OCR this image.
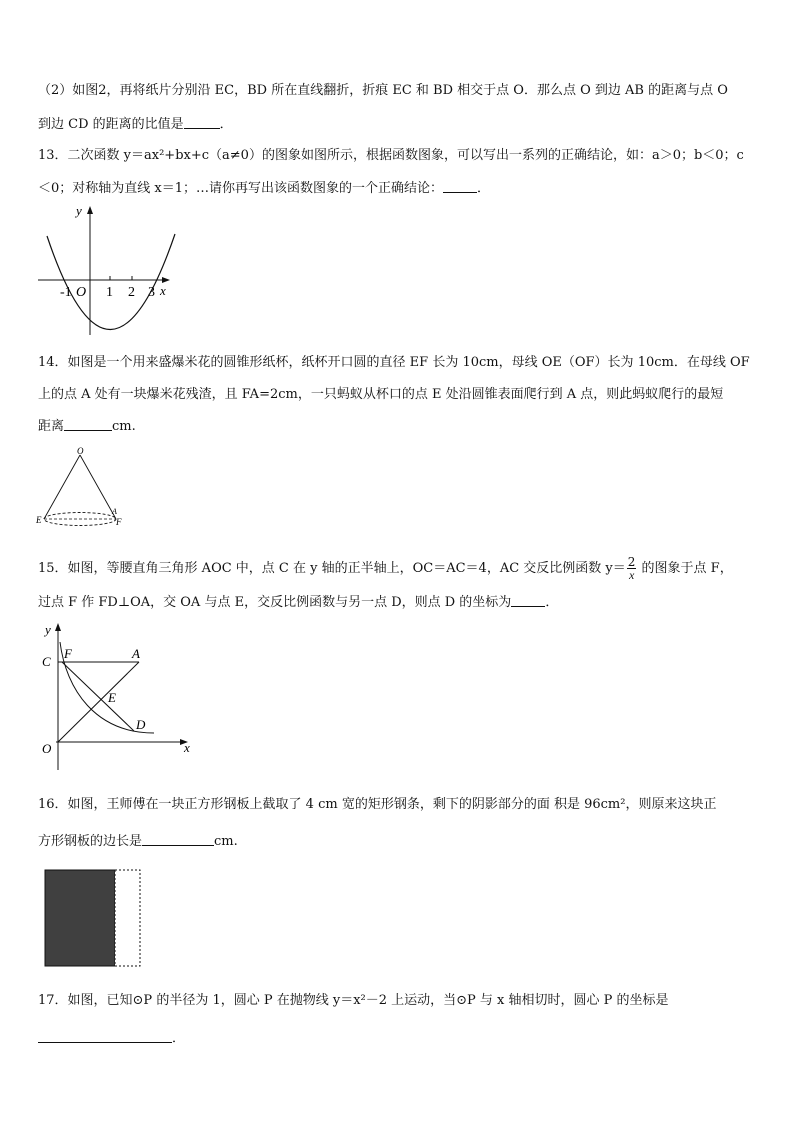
（2）如图2，再将纸片分别沿 EC，BD 所在直线翻折，折痕 EC 和 BD 相交于点 O．那么点 O 到边 AB 的距离与点 O
到边 CD 的距离的比值是	．
13．二次函数 y＝ax²+bx+c（a≠0）的图象如图所示，根据函数图象，可以写出一系列的正确结论，如：a＞0；b＜0；c
＜0；对称轴为直线 x＝1；…请你再写出该函数图象的一个正确结论：	．
y
x
-1 O 1 2 3
14．如图是一个用来盛爆米花的圆锥形纸杯，纸杯开口圆的直径 EF 长为 10cm，母线 OE（OF）长为 10cm．在母线 OF
上的点 A 处有一块爆米花残渣，且 FA=2cm，一只蚂蚁从杯口的点 E 处沿圆锥表面爬行到 A 点，则此蚂蚁爬行的最短
距离	cm.
O
E	F
A
15．如图，等腰直角三角形 AOC 中，点 C 在 y 轴的正半轴上，OC＝AC＝4，AC 交反比例函数 $y= \frac{2}{x}$ 的图象于点 F，
过点 F 作 FD⊥OA，交 OA 与点 E，交反比例函数与另一点 D，则点 D 的坐标为	．
y
x
C
F	A
E
D
O
16．如图，王师傅在一块正方形钢板上截取了 4 cm 宽的矩形钢条，剩下的阴影部分的面 积是 96cm²，则原来这块正
方形钢板的边长是	cm.
17．如图，已知⊙P 的半径为 1，圆心 P 在抛物线 y＝x²－2 上运动，当⊙P 与 x 轴相切时，圆心 P 的坐标是
．
